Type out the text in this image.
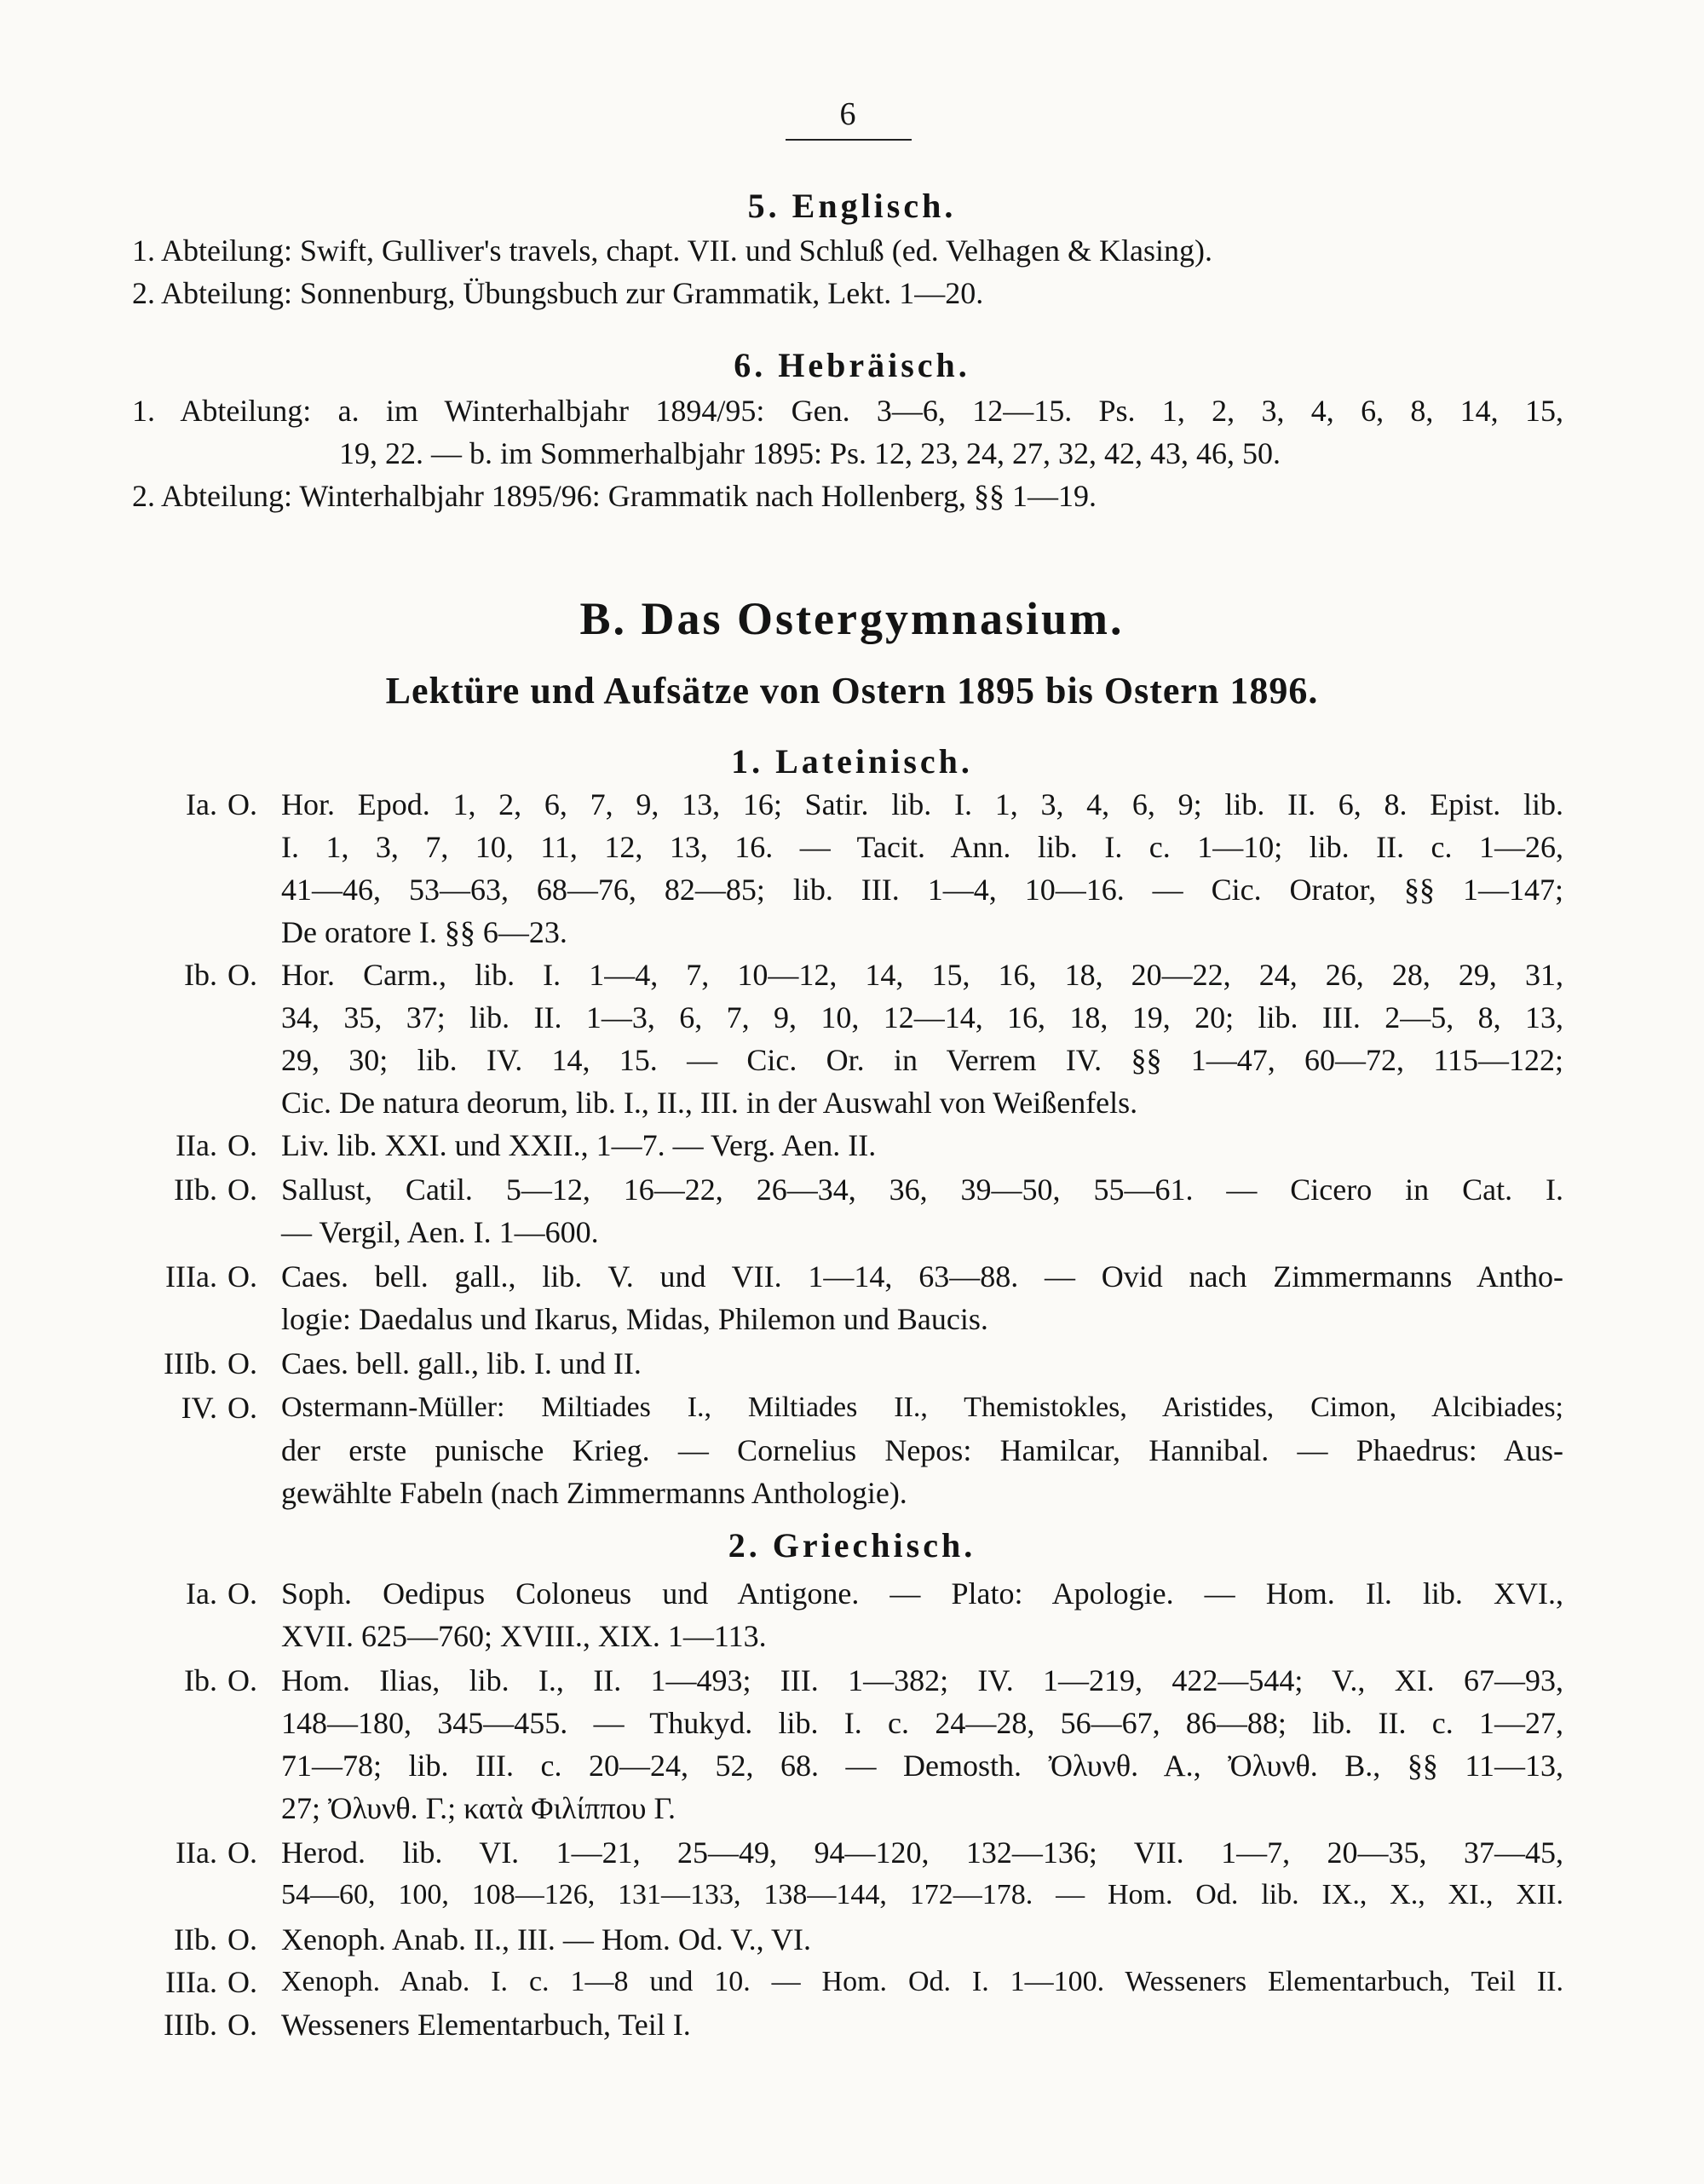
6
5. Englisch.
1. Abteilung: Swift, Gulliver's travels, chapt. VII. und Schluß (ed. Velhagen & Klasing).
2. Abteilung: Sonnenburg, Übungsbuch zur Grammatik, Lekt. 1—20.
6. Hebräisch.
1. Abteilung: a. im Winterhalbjahr 1894/95: Gen. 3—6, 12—15. Ps. 1, 2, 3, 4, 6, 8, 14, 15,
19, 22. — b. im Sommerhalbjahr 1895: Ps. 12, 23, 24, 27, 32, 42, 43, 46, 50.
2. Abteilung: Winterhalbjahr 1895/96: Grammatik nach Hollenberg, §§ 1—19.
B. Das Ostergymnasium.
Lektüre und Aufsätze von Ostern 1895 bis Ostern 1896.
1. Lateinisch.
Ia. O. Hor. Epod. 1, 2, 6, 7, 9, 13, 16; Satir. lib. I. 1, 3, 4, 6, 9; lib. II. 6, 8. Epist. lib.
I. 1, 3, 7, 10, 11, 12, 13, 16. — Tacit. Ann. lib. I. c. 1—10; lib. II. c. 1—26,
41—46, 53—63, 68—76, 82—85; lib. III. 1—4, 10—16. — Cic. Orator, §§ 1—147;
De oratore I. §§ 6—23.
Ib. O. Hor. Carm., lib. I. 1—4, 7, 10—12, 14, 15, 16, 18, 20—22, 24, 26, 28, 29, 31,
34, 35, 37; lib. II. 1—3, 6, 7, 9, 10, 12—14, 16, 18, 19, 20; lib. III. 2—5, 8, 13,
29, 30; lib. IV. 14, 15. — Cic. Or. in Verrem IV. §§ 1—47, 60—72, 115—122;
Cic. De natura deorum, lib. I., II., III. in der Auswahl von Weißenfels.
IIa. O. Liv. lib. XXI. und XXII., 1—7. — Verg. Aen. II.
IIb. O. Sallust, Catil. 5—12, 16—22, 26—34, 36, 39—50, 55—61. — Cicero in Cat. I.
— Vergil, Aen. I. 1—600.
IIIa. O. Caes. bell. gall., lib. V. und VII. 1—14, 63—88. — Ovid nach Zimmermanns Antho-
logie: Daedalus und Ikarus, Midas, Philemon und Baucis.
IIIb. O. Caes. bell. gall., lib. I. und II.
IV. O. Ostermann-Müller: Miltiades I., Miltiades II., Themistokles, Aristides, Cimon, Alcibiades;
der erste punische Krieg. — Cornelius Nepos: Hamilcar, Hannibal. — Phaedrus: Aus-
gewählte Fabeln (nach Zimmermanns Anthologie).
2. Griechisch.
Ia. O. Soph. Oedipus Coloneus und Antigone. — Plato: Apologie. — Hom. Il. lib. XVI.,
XVII. 625—760; XVIII., XIX. 1—113.
Ib. O. Hom. Ilias, lib. I., II. 1—493; III. 1—382; IV. 1—219, 422—544; V., XI. 67—93,
148—180, 345—455. — Thukyd. lib. I. c. 24—28, 56—67, 86—88; lib. II. c. 1—27,
71—78; lib. III. c. 20—24, 52, 68. — Demosth. Ὀλυνθ. Α., Ὀλυνθ. Β., §§ 11—13,
27; Ὀλυνθ. Γ.; κατὰ Φιλίππου Γ.
IIa. O. Herod. lib. VI. 1—21, 25—49, 94—120, 132—136; VII. 1—7, 20—35, 37—45,
54—60, 100, 108—126, 131—133, 138—144, 172—178. — Hom. Od. lib. IX., X., XI., XII.
IIb. O. Xenoph. Anab. II., III. — Hom. Od. V., VI.
IIIa. O. Xenoph. Anab. I. c. 1—8 und 10. — Hom. Od. I. 1—100. Wesseners Elementarbuch, Teil II.
IIIb. O. Wesseners Elementarbuch, Teil I.
